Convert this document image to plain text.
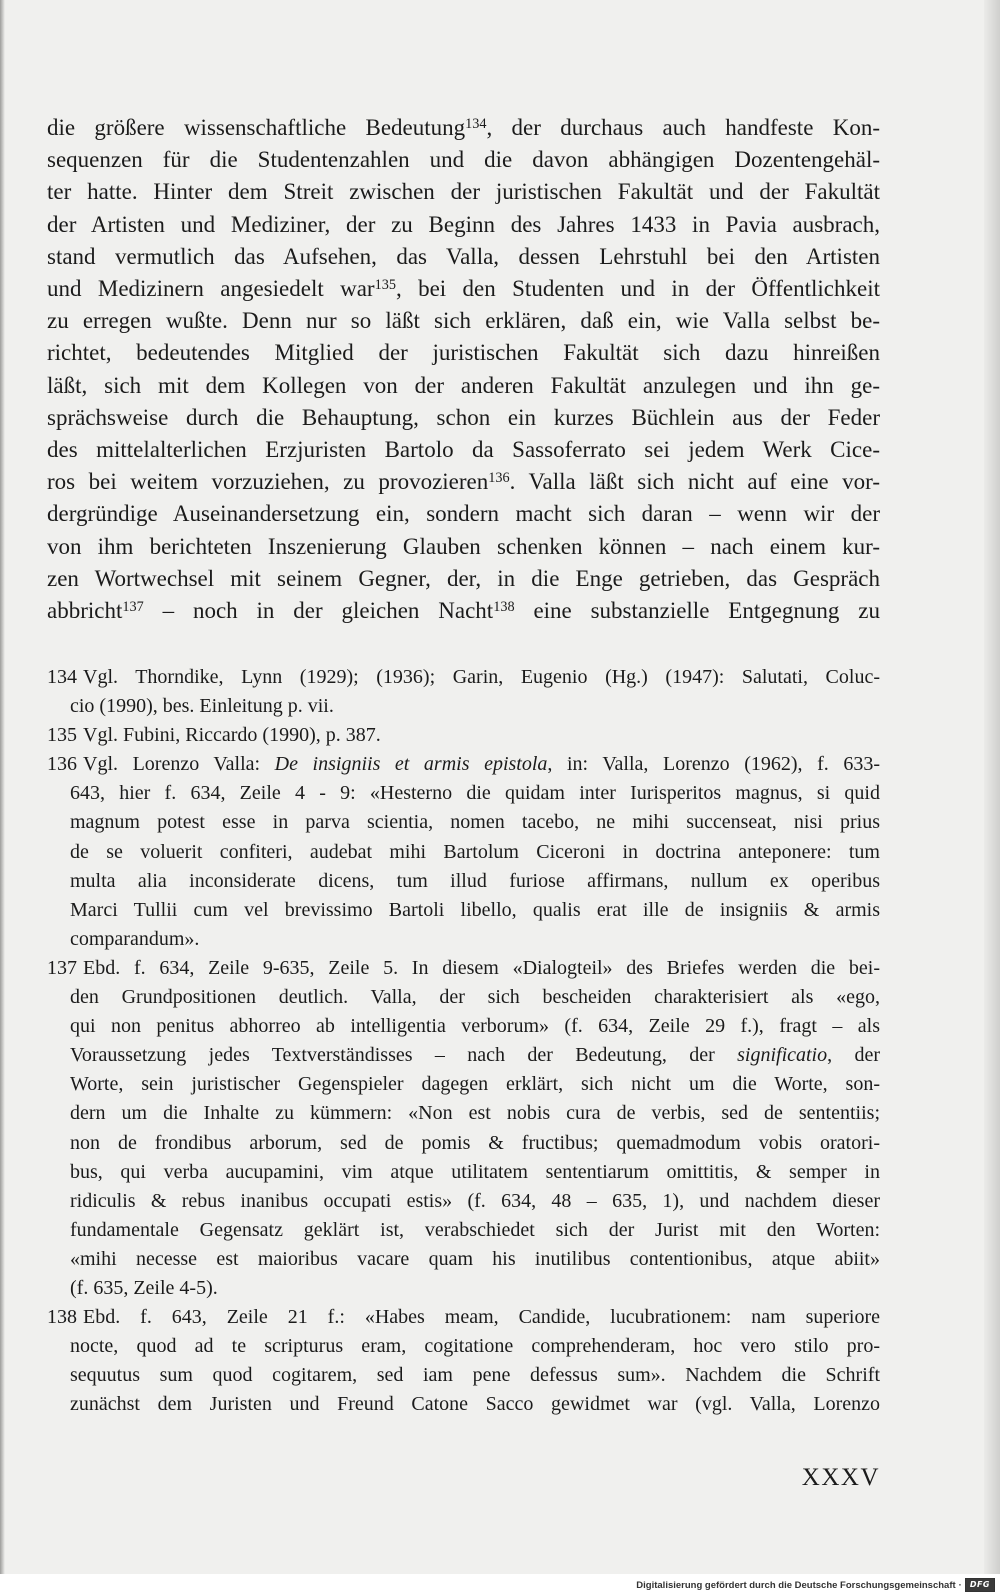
die größere wissenschaftliche Bedeutung$^{134}$, der durchaus auch handfeste Kon-
sequenzen für die Studentenzahlen und die davon abhängigen Dozentengehäl-
ter hatte. Hinter dem Streit zwischen der juristischen Fakultät und der Fakultät
der Artisten und Mediziner, der zu Beginn des Jahres 1433 in Pavia ausbrach,
stand vermutlich das Aufsehen, das Valla, dessen Lehrstuhl bei den Artisten
und Medizinern angesiedelt war$^{135}$, bei den Studenten und in der Öffentlichkeit
zu erregen wußte. Denn nur so läßt sich erklären, daß ein, wie Valla selbst be-
richtet, bedeutendes Mitglied der juristischen Fakultät sich dazu hinreißen
läßt, sich mit dem Kollegen von der anderen Fakultät anzulegen und ihn ge-
sprächsweise durch die Behauptung, schon ein kurzes Büchlein aus der Feder
des mittelalterlichen Erzjuristen Bartolo da Sassoferrato sei jedem Werk Cice-
ros bei weitem vorzuziehen, zu provozieren$^{136}$. Valla läßt sich nicht auf eine vor-
dergründige Auseinandersetzung ein, sondern macht sich daran – wenn wir der
von ihm berichteten Inszenierung Glauben schenken können – nach einem kur-
zen Wortwechsel mit seinem Gegner, der, in die Enge getrieben, das Gespräch
abbricht$^{137}$ – noch in der gleichen Nacht$^{138}$ eine substanzielle Entgegnung zu
134 Vgl. Thorndike, Lynn (1929); (1936); Garin, Eugenio (Hg.) (1947): Salutati, Coluc-
cio (1990), bes. Einleitung p. vii.
135 Vgl. Fubini, Riccardo (1990), p. 387.
136 Vgl. Lorenzo Valla: De insigniis et armis epistola, in: Valla, Lorenzo (1962), f. 633-
643, hier f. 634, Zeile 4 - 9: «Hesterno die quidam inter Iurisperitos magnus, si quid
magnum potest esse in parva scientia, nomen tacebo, ne mihi succenseat, nisi prius
de se voluerit confiteri, audebat mihi Bartolum Ciceroni in doctrina anteponere: tum
multa alia inconsiderate dicens, tum illud furiose affirmans, nullum ex operibus
Marci Tullii cum vel brevissimo Bartoli libello, qualis erat ille de insigniis & armis
comparandum».
137 Ebd. f. 634, Zeile 9-635, Zeile 5. In diesem «Dialogteil» des Briefes werden die bei-
den Grundpositionen deutlich. Valla, der sich bescheiden charakterisiert als «ego,
qui non penitus abhorreo ab intelligentia verborum» (f. 634, Zeile 29 f.), fragt – als
Voraussetzung jedes Textverständisses – nach der Bedeutung, der significatio, der
Worte, sein juristischer Gegenspieler dagegen erklärt, sich nicht um die Worte, son-
dern um die Inhalte zu kümmern: «Non est nobis cura de verbis, sed de sententiis;
non de frondibus arborum, sed de pomis & fructibus; quemadmodum vobis oratori-
bus, qui verba aucupamini, vim atque utilitatem sententiarum omittitis, & semper in
ridiculis & rebus inanibus occupati estis» (f. 634, 48 – 635, 1), und nachdem dieser
fundamentale Gegensatz geklärt ist, verabschiedet sich der Jurist mit den Worten:
«mihi necesse est maioribus vacare quam his inutilibus contentionibus, atque abiit»
(f. 635, Zeile 4-5).
138 Ebd. f. 643, Zeile 21 f.: «Habes meam, Candide, lucubrationem: nam superiore
nocte, quod ad te scripturus eram, cogitatione comprehenderam, hoc vero stilo pro-
sequutus sum quod cogitarem, sed iam pene defessus sum». Nachdem die Schrift
zunächst dem Juristen und Freund Catone Sacco gewidmet war (vgl. Valla, Lorenzo
XXXV
Digitalisierung gefördert durch die Deutsche Forschungsgemeinschaft ·	DFG
